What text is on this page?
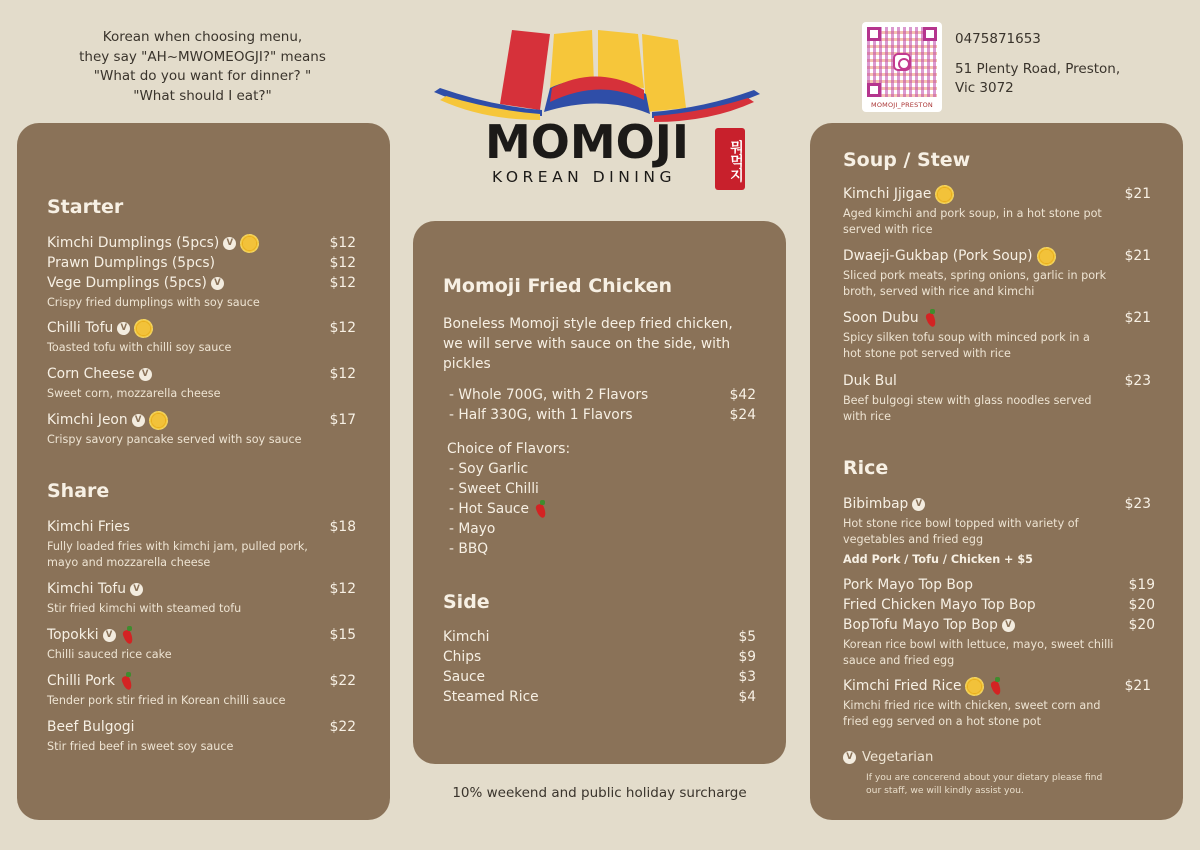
Korean when choosing menu,
they say "AH~MWOMEOGJI?" means
"What do you want for dinner? "
"What should I eat?"
MOMOJI
KOREAN DINING	뭐먹지
MOMOJI_PRESTON
0475871653
51 Plenty Road, Preston,
Vic 3072
Starter
Kimchi Dumplings (5pcs) V	$12
Prawn Dumplings (5pcs)	$12
Vege Dumplings (5pcs) V	$12
Crispy fried dumplings with soy sauce
Chilli Tofu V	$12
Toasted tofu with chilli soy sauce
Corn Cheese V	$12
Sweet corn, mozzarella cheese
Kimchi Jeon V	$17
Crispy savory pancake served with soy sauce
Share
Kimchi Fries	$18
Fully loaded fries with kimchi jam, pulled pork,
mayo and mozzarella cheese
Kimchi Tofu V	$12
Stir fried kimchi with steamed tofu
Topokki V	$15
Chilli sauced rice cake
Chilli Pork	$22
Tender pork stir fried in Korean chilli sauce
Beef Bulgogi	$22
Stir fried beef in sweet soy sauce
Momoji Fried Chicken
Boneless Momoji style deep fried chicken,
we will serve with sauce on the side, with
pickles
- Whole 700G, with 2 Flavors	$42
- Half 330G, with 1 Flavors	$24
Choice of Flavors:
- Soy Garlic
- Sweet Chilli
- Hot Sauce
- Mayo
- BBQ
Side
Kimchi	$5
Chips	$9
Sauce	$3
Steamed Rice	$4
10% weekend and public holiday surcharge
Soup / Stew
Kimchi Jjigae	$21
Aged kimchi and pork soup, in a hot stone pot
served with rice
Dwaeji-Gukbap (Pork Soup)	$21
Sliced pork meats, spring onions, garlic in pork
broth, served with rice and kimchi
Soon Dubu	$21
Spicy silken tofu soup with minced pork in a
hot stone pot served with rice
Duk Bul	$23
Beef bulgogi stew with glass noodles served
with rice
Rice
Bibimbap V	$23
Hot stone rice bowl topped with variety of
vegetables and fried egg
Add Pork / Tofu / Chicken + $5
Pork Mayo Top Bop	$19
Fried Chicken Mayo Top Bop	$20
BopTofu Mayo Top Bop V	$20
Korean rice bowl with lettuce, mayo, sweet chilli
sauce and fried egg
Kimchi Fried Rice	$21
Kimchi fried rice with chicken, sweet corn and
fried egg served on a hot stone pot
V Vegetarian
If you are concerend about your dietary please find
our staff, we will kindly assist you.
